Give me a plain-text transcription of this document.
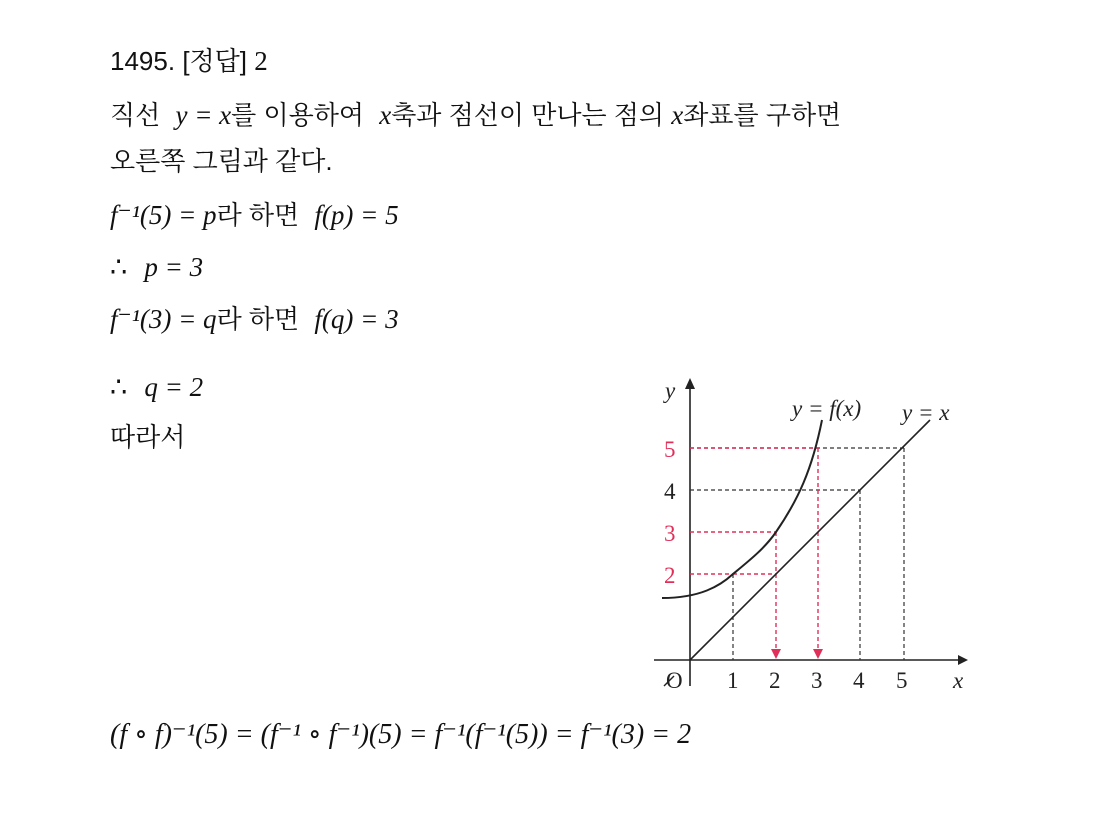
1495. [정답] 2
직선 y = x를 이용하여 x축과 점선이 만나는 점의 x좌표를 구하면
오른쪽 그림과 같다.
f⁻¹(5) = p라 하면 f(p) = 5
∴ p = 3
f⁻¹(3) = q라 하면 f(q) = 3
∴ q = 2
따라서
(f ∘ f)⁻¹(5) = (f⁻¹ ∘ f⁻¹)(5) = f⁻¹(f⁻¹(5)) = f⁻¹(3) = 2
y
x
O
y = f(x) y = x
1 2 3 4 5
2
3
4
5
